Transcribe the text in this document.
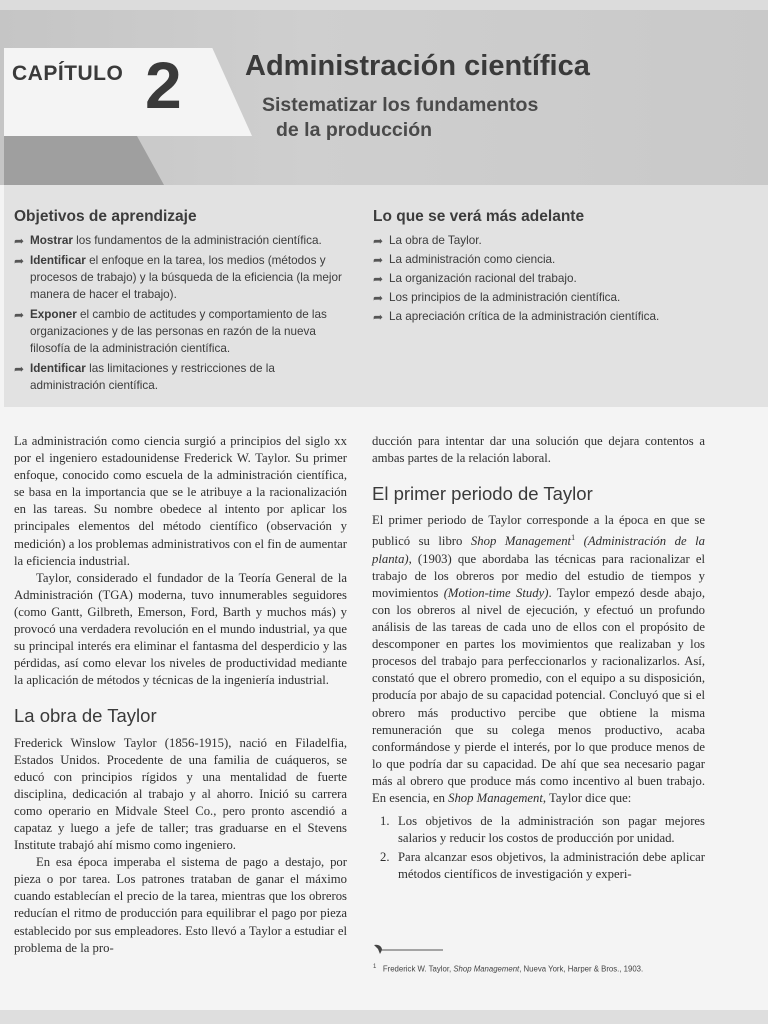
CAPÍTULO 2 Administración científica
Sistematizar los fundamentos
de la producción
Objetivos de aprendizaje
➦ Mostrar los fundamentos de la administración científica.
➦ Identificar el enfoque en la tarea, los medios (métodos y procesos de trabajo) y la búsqueda de la eficiencia (la mejor manera de hacer el trabajo).
➦ Exponer el cambio de actitudes y comportamiento de las organizaciones y de las personas en razón de la nueva filosofía de la administración científica.
➦ Identificar las limitaciones y restricciones de la administración científica.
Lo que se verá más adelante
➦ La obra de Taylor.
➦ La administración como ciencia.
➦ La organización racional del trabajo.
➦ Los principios de la administración científica.
➦ La apreciación crítica de la administración científica.

La administración como ciencia surgió a principios del siglo xx por el ingeniero estadounidense Frederick W. Taylor. Su primer enfoque, conocido como escuela de la administración científica, se basa en la importancia que se le atribuye a la racionalización en las tareas. Su nombre obedece al intento por aplicar los principales elementos del método científico (observación y medición) a los problemas administrativos con el fin de aumentar la eficiencia industrial.

Taylor, considerado el fundador de la Teoría General de la Administración (TGA) moderna, tuvo innumerables seguidores (como Gantt, Gilbreth, Emerson, Ford, Barth y muchos más) y provocó una verdadera revolución en el mundo industrial, ya que su principal interés era eliminar el fantasma del desperdicio y las pérdidas, así como elevar los niveles de productividad mediante la aplicación de métodos y técnicas de la ingeniería industrial.

La obra de Taylor

Frederick Winslow Taylor (1856-1915), nació en Filadelfia, Estados Unidos. Procedente de una familia de cuáqueros, se educó con principios rígidos y una mentalidad de fuerte disciplina, dedicación al trabajo y al ahorro. Inició su carrera como operario en Midvale Steel Co., pero pronto ascendió a capataz y luego a jefe de taller; tras graduarse en el Stevens Institute trabajó ahí mismo como ingeniero.

En esa época imperaba el sistema de pago a destajo, por pieza o por tarea. Los patrones trataban de ganar el máximo cuando establecían el precio de la tarea, mientras que los obreros reducían el ritmo de producción para equilibrar el pago por pieza establecido por sus empleadores. Esto llevó a Taylor a estudiar el problema de la pro-

ducción para intentar dar una solución que dejara contentos a ambas partes de la relación laboral.

El primer periodo de Taylor

El primer periodo de Taylor corresponde a la época en que se publicó su libro Shop Management$^1$ (Administración de la planta), (1903) que abordaba las técnicas para racionalizar el trabajo de los obreros por medio del estudio de tiempos y movimientos (Motion-time Study). Taylor empezó desde abajo, con los obreros al nivel de ejecución, y efectuó un profundo análisis de las tareas de cada uno de ellos con el propósito de descomponer en partes los movimientos que realizaban y los procesos del trabajo para perfeccionarlos y racionalizarlos. Así, constató que el obrero promedio, con el equipo a su disposición, producía por abajo de su capacidad potencial. Concluyó que si el obrero más productivo percibe que obtiene la misma remuneración que su colega menos productivo, acaba conformándose y pierde el interés, por lo que produce menos de lo que podría dar su capacidad. De ahí que sea necesario pagar más al obrero que produce más como incentivo al buen trabajo. En esencia, en Shop Management, Taylor dice que:

1. Los objetivos de la administración son pagar mejores salarios y reducir los costos de producción por unidad.
2. Para alcanzar esos objetivos, la administración debe aplicar métodos científicos de investigación y experi-
$^1$ Frederick W. Taylor, Shop Management, Nueva York, Harper & Bros., 1903.
